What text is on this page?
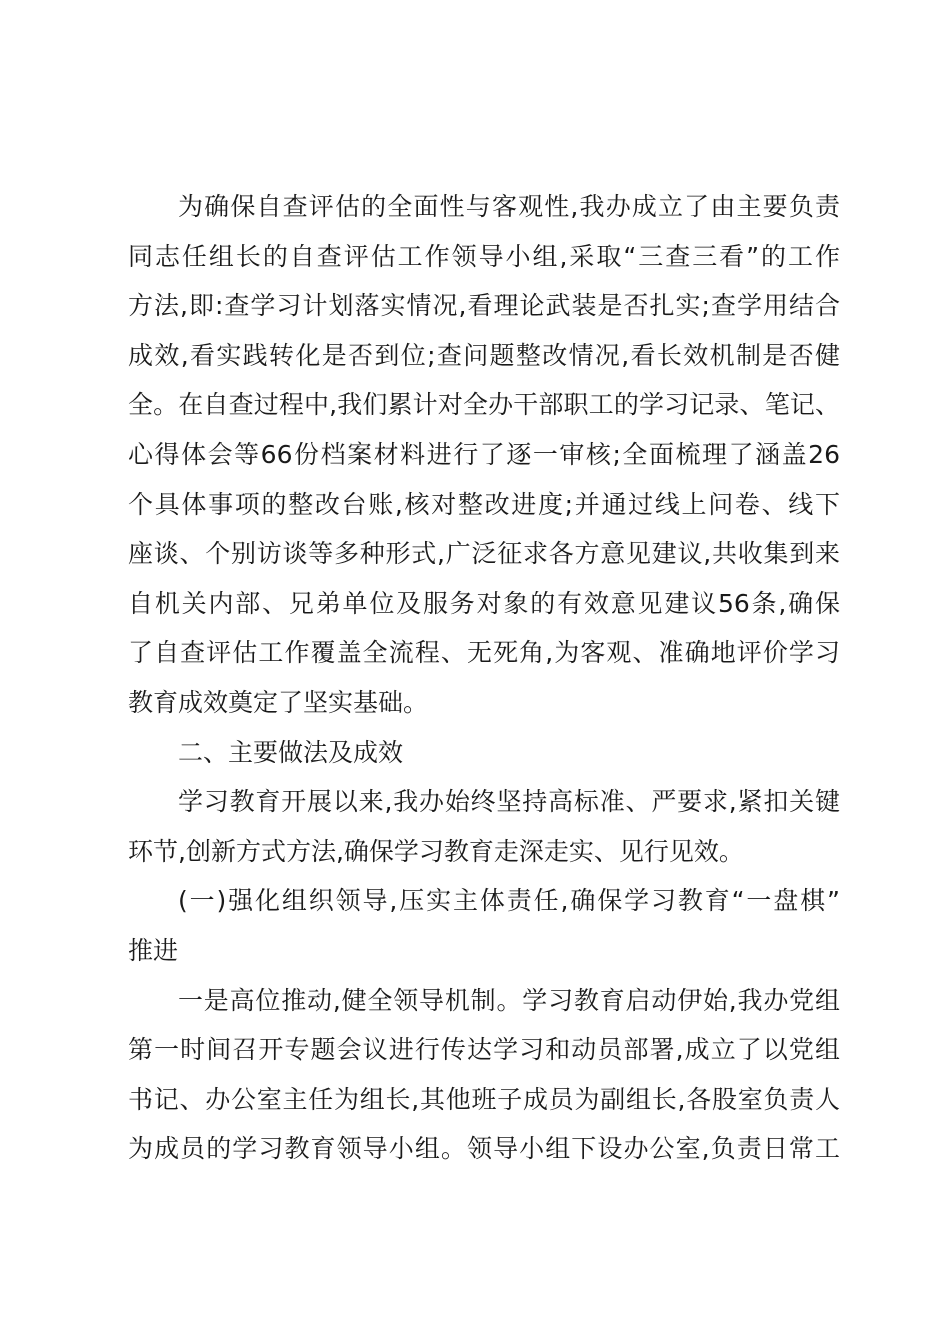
为确保自查评估的全面性与客观性,我办成立了由主要负责
同志任组长的自查评估工作领导小组,采取“三查三看”的工作
方法,即:查学习计划落实情况,看理论武装是否扎实;查学用结合
成效,看实践转化是否到位;查问题整改情况,看长效机制是否健
全。在自查过程中,我们累计对全办干部职工的学习记录、笔记、
心得体会等66份档案材料进行了逐一审核;全面梳理了涵盖26
个具体事项的整改台账,核对整改进度;并通过线上问卷、线下
座谈、个别访谈等多种形式,广泛征求各方意见建议,共收集到来
自机关内部、兄弟单位及服务对象的有效意见建议56条,确保
了自查评估工作覆盖全流程、无死角,为客观、准确地评价学习
教育成效奠定了坚实基础。
二、主要做法及成效
学习教育开展以来,我办始终坚持高标准、严要求,紧扣关键
环节,创新方式方法,确保学习教育走深走实、见行见效。
(一)强化组织领导,压实主体责任,确保学习教育“一盘棋”
推进
一是高位推动,健全领导机制。学习教育启动伊始,我办党组
第一时间召开专题会议进行传达学习和动员部署,成立了以党组
书记、办公室主任为组长,其他班子成员为副组长,各股室负责人
为成员的学习教育领导小组。领导小组下设办公室,负责日常工
